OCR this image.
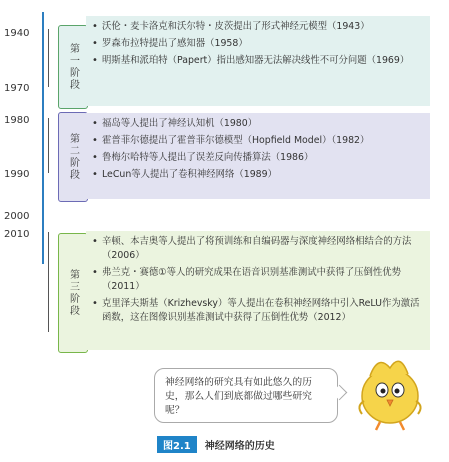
1940
1970
1980
1990
2000
2010
第一阶段
• 沃伦・麦卡洛克和沃尔特・皮茨提出了形式神经元模型（1943）
• 罗森布拉特提出了感知器（1958）
• 明斯基和派珀特（Papert）指出感知器无法解决线性不可分问题（1969）
第二阶段
• 福岛等人提出了神经认知机（1980）
• 霍普菲尔德提出了霍普菲尔德模型（Hopfield Model）（1982）
• 鲁梅尔哈特等人提出了误差反向传播算法（1986）
• LeCun等人提出了卷积神经网络（1989）
第三阶段
• 辛顿、本吉奥等人提出了将预训练和自编码器与深度神经网络相结合的方法（2006）
• 弗兰克・赛德①等人的研究成果在语音识别基准测试中获得了压倒性优势（2011）
• 克里泽夫斯基（Krizhevsky）等人提出在卷积神经网络中引入ReLU作为激活函数，这在图像识别基准测试中获得了压倒性优势（2012）
神经网络的研究具有如此悠久的历史，那么人们到底都做过哪些研究呢？
图2.1	神经网络的历史
